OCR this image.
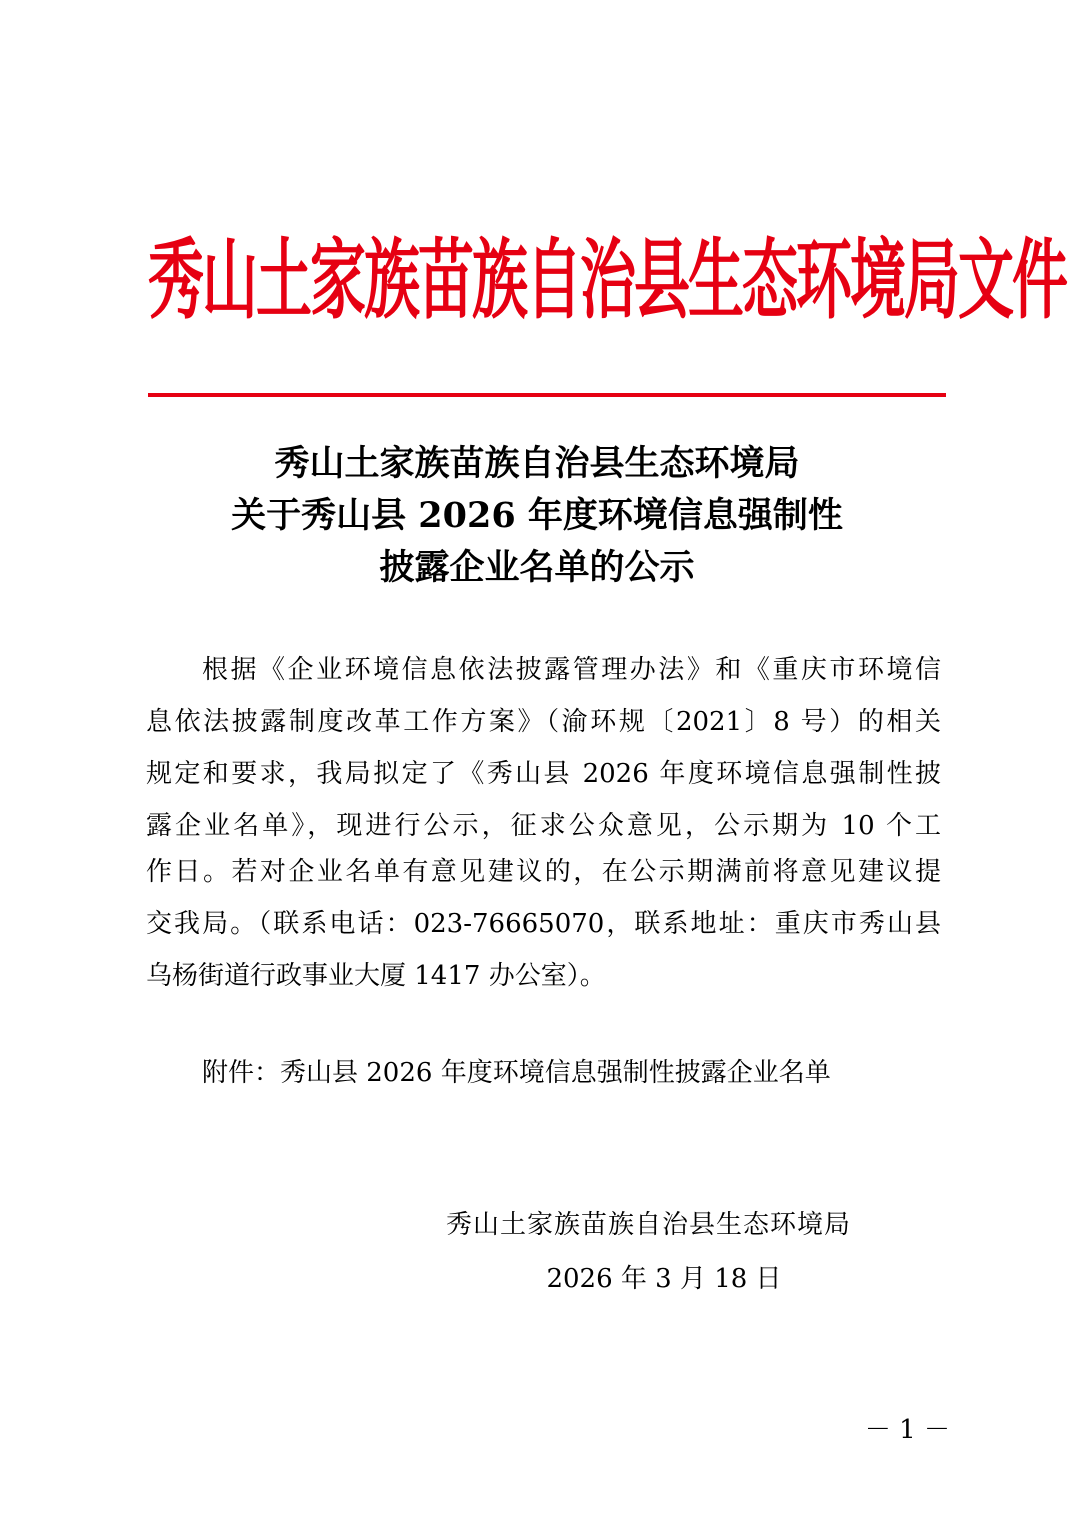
秀山土家族苗族自治县生态环境局文件
秀山土家族苗族自治县生态环境局
关于秀山县 2026 年度环境信息强制性
披露企业名单的公示
根据《企业环境信息依法披露管理办法》和《重庆市环境信
息依法披露制度改革工作方案》（渝环规〔2021〕8 号）的相关
规定和要求，我局拟定了《秀山县 2026 年度环境信息强制性披
露企业名单》，现进行公示，征求公众意见，公示期为 10 个工
作日。若对企业名单有意见建议的，在公示期满前将意见建议提
交我局。（联系电话：023-76665070，联系地址：重庆市秀山县
乌杨街道行政事业大厦 1417 办公室）。
附件：秀山县 2026 年度环境信息强制性披露企业名单
秀山土家族苗族自治县生态环境局
2026 年 3 月 18 日
－ 1 －
